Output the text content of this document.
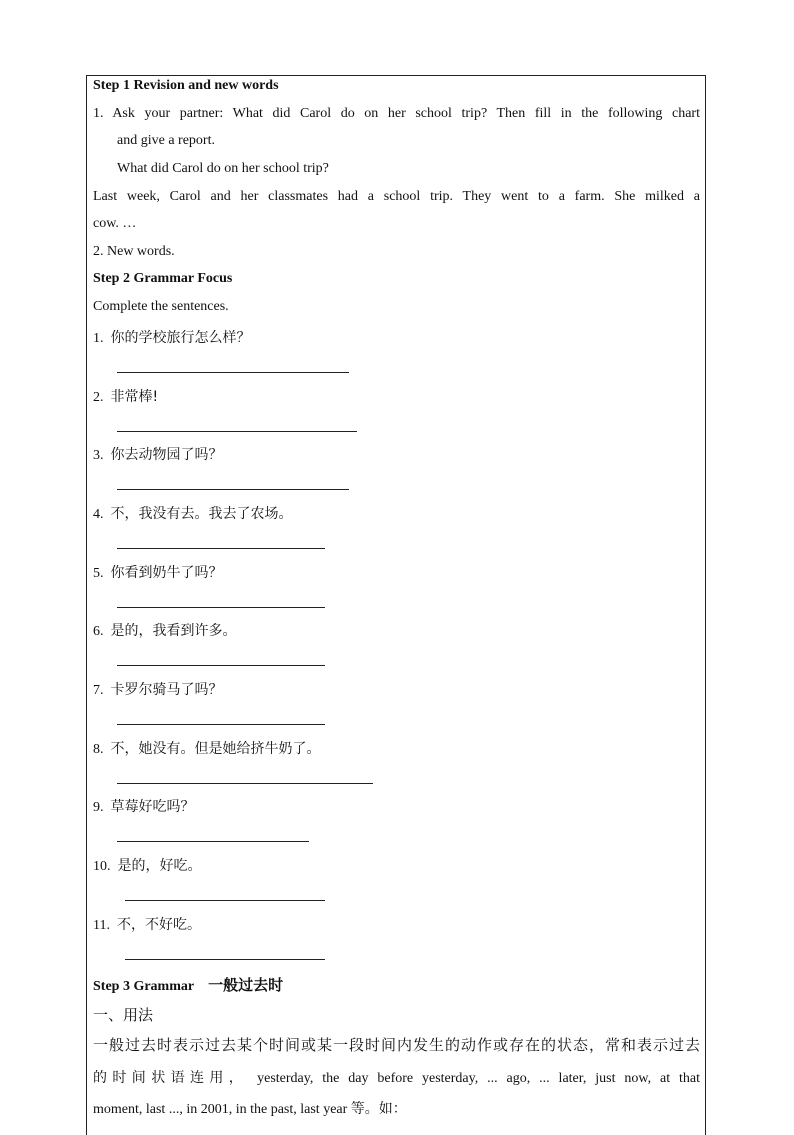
Step 1 Revision and new words
1. Ask your partner: What did Carol do on her school trip? Then fill in the following chart
and give a report.
What did Carol do on her school trip?
Last week, Carol and her classmates had a school trip. They went to a farm. She milked a
cow. …
2. New words.
Step 2 Grammar Focus
Complete the sentences.
1. 你的学校旅行怎么样？
2. 非常棒!
3. 你去动物园了吗？
4. 不，我没有去。我去了农场。
5. 你看到奶牛了吗？
6. 是的，我看到许多。
7. 卡罗尔骑马了吗？
8. 不，她没有。但是她给挤牛奶了。
9. 草莓好吃吗？
10. 是的，好吃。
11. 不，不好吃。
Step 3 Grammar 一般过去时
一、用法
一般过去时表示过去某个时间或某一段时间内发生的动作或存在的状态，常和表示过去
的时间状语连用， yesterday, the day before yesterday, ... ago, ... later, just now, at that
moment, last ..., in 2001, in the past, last year 等。如：
